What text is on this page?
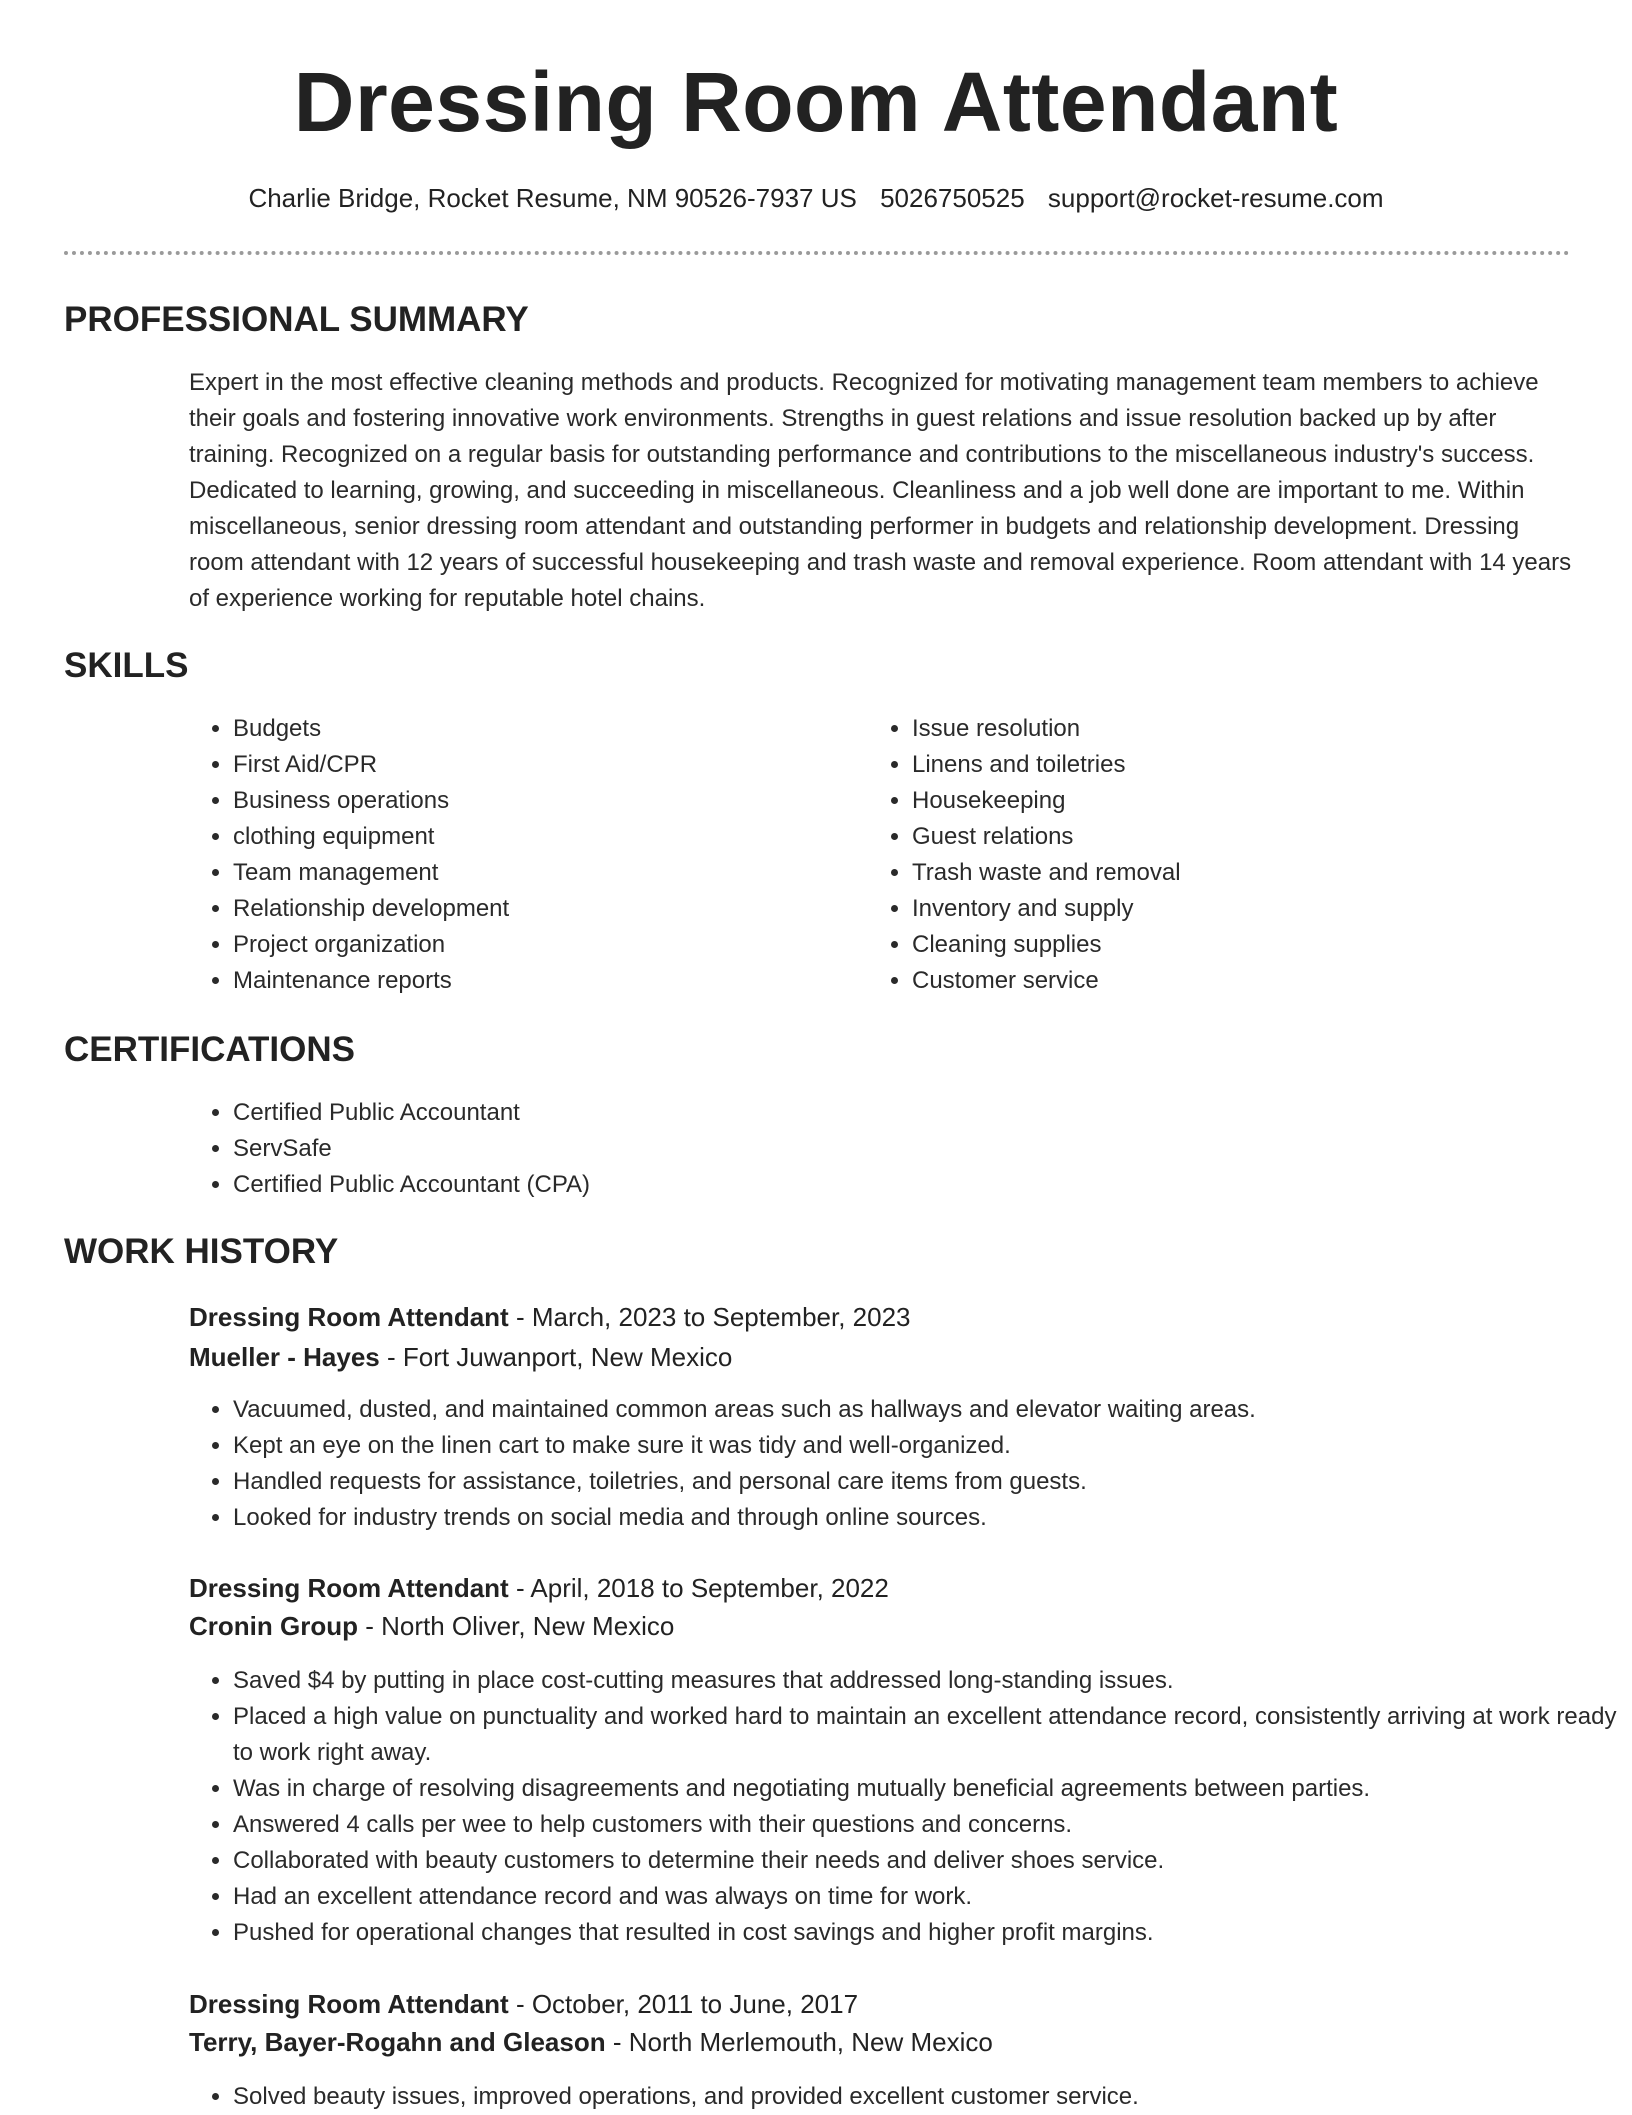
Dressing Room Attendant
Charlie Bridge, Rocket Resume, NM 90526-7937 US 5026750525 support@rocket-resume.com
PROFESSIONAL SUMMARY
Expert in the most effective cleaning methods and products. Recognized for motivating management team members to achieve their goals and fostering innovative work environments. Strengths in guest relations and issue resolution backed up by after training. Recognized on a regular basis for outstanding performance and contributions to the miscellaneous industry's success. Dedicated to learning, growing, and succeeding in miscellaneous. Cleanliness and a job well done are important to me. Within miscellaneous, senior dressing room attendant and outstanding performer in budgets and relationship development. Dressing room attendant with 12 years of successful housekeeping and trash waste and removal experience. Room attendant with 14 years of experience working for reputable hotel chains.
SKILLS
• Budgets
• First Aid/CPR
• Business operations
• clothing equipment
• Team management
• Relationship development
• Project organization
• Maintenance reports
• Issue resolution
• Linens and toiletries
• Housekeeping
• Guest relations
• Trash waste and removal
• Inventory and supply
• Cleaning supplies
• Customer service
CERTIFICATIONS
• Certified Public Accountant
• ServSafe
• Certified Public Accountant (CPA)
WORK HISTORY
Dressing Room Attendant - March, 2023 to September, 2023
Mueller - Hayes - Fort Juwanport, New Mexico
• Vacuumed, dusted, and maintained common areas such as hallways and elevator waiting areas.
• Kept an eye on the linen cart to make sure it was tidy and well-organized.
• Handled requests for assistance, toiletries, and personal care items from guests.
• Looked for industry trends on social media and through online sources.
Dressing Room Attendant - April, 2018 to September, 2022
Cronin Group - North Oliver, New Mexico
• Saved $4 by putting in place cost-cutting measures that addressed long-standing issues.
• Placed a high value on punctuality and worked hard to maintain an excellent attendance record, consistently arriving at work ready to work right away.
• Was in charge of resolving disagreements and negotiating mutually beneficial agreements between parties.
• Answered 4 calls per wee to help customers with their questions and concerns.
• Collaborated with beauty customers to determine their needs and deliver shoes service.
• Had an excellent attendance record and was always on time for work.
• Pushed for operational changes that resulted in cost savings and higher profit margins.
Dressing Room Attendant - October, 2011 to June, 2017
Terry, Bayer-Rogahn and Gleason - North Merlemouth, New Mexico
• Solved beauty issues, improved operations, and provided excellent customer service.
